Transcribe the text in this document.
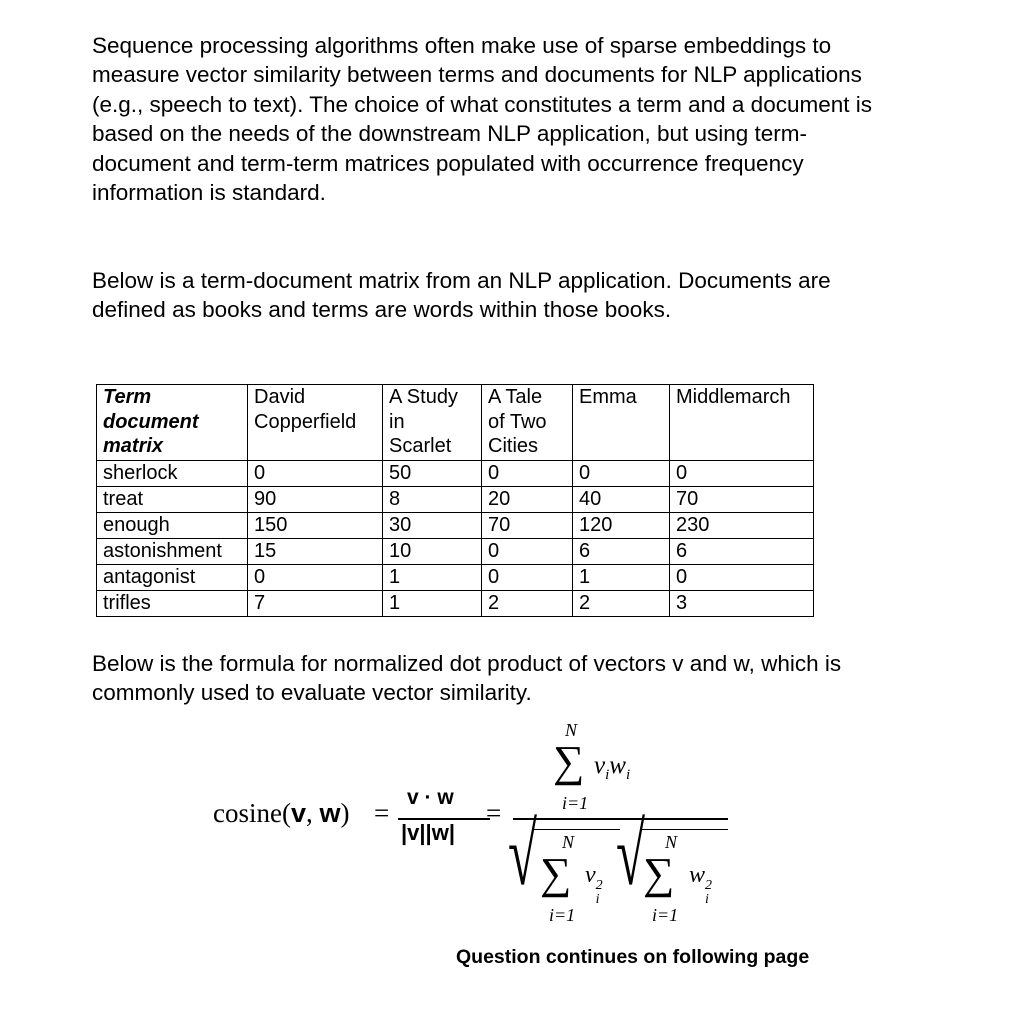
Sequence processing algorithms often make use of sparse embeddings to measure vector similarity between terms and documents for NLP applications (e.g., speech to text). The choice of what constitutes a term and a document is based on the needs of the downstream NLP application, but using term-document and term-term matrices populated with occurrence frequency information is standard.

Below is a term-document matrix from an NLP application. Documents are defined as books and terms are words within those books.

Term
document
matrix	David
Copperfield	A Study
in
Scarlet	A Tale
of Two
Cities	Emma	Middlemarch
sherlock	0	50	0	0	0
treat	90	8	20	40	70
enough	150	30	70	120	230
astonishment	15	10	0	6	6
antagonist	0	1	0	1	0
trifles	7	1	2	2	3

Below is the formula for normalized dot product of vectors v and w, which is commonly used to evaluate vector similarity.

cosine(v, w) =
v · w
|v||w|
=
N
∑ $v_iw_i$
i=1
√ N
∑ v 2
i
i=1
√ N
∑ w 2
i
i=1
Question continues on following page
